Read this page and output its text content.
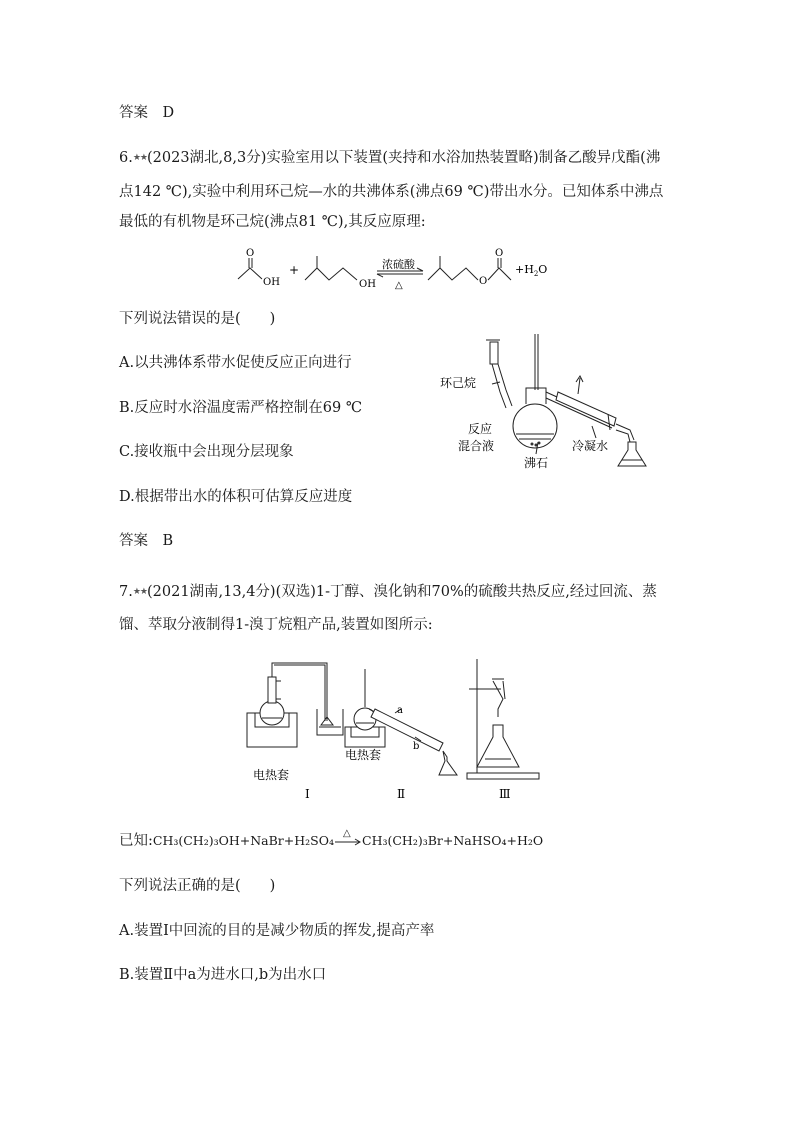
答案　D
6.★★(2023湖北,8,3分)实验室用以下装置(夹持和水浴加热装置略)制备乙酸异戊酯(沸
点142 ℃),实验中利用环己烷—水的共沸体系(沸点69 ℃)带出水分。已知体系中沸点
最低的有机物是环己烷(沸点81 ℃),其反应原理:
O
OH
+
OH
浓硫酸
△	O
O
$+H_2O$
下列说法错误的是(　　)
A.以共沸体系带水促使反应正向进行
B.反应时水浴温度需严格控制在69 ℃
C.接收瓶中会出现分层现象
D.根据带出水的体积可估算反应进度
环己烷
反应
混合液
沸石
冷凝水
答案　B
7.★★(2021湖南,13,4分)(双选)1-丁醇、溴化钠和70%的硫酸共热反应,经过回流、蒸
馏、萃取分液制得1-溴丁烷粗产品,装置如图所示:
a
b
电热套
电热套
Ⅰ	Ⅱ	Ⅲ
已知:CH₃(CH₂)₃OH+NaBr+H₂SO₄ △ CH₃(CH₂)₃Br+NaHSO₄+H₂O
下列说法正确的是(　　)
A.装置Ⅰ中回流的目的是减少物质的挥发,提高产率
B.装置Ⅱ中a为进水口,b为出水口
